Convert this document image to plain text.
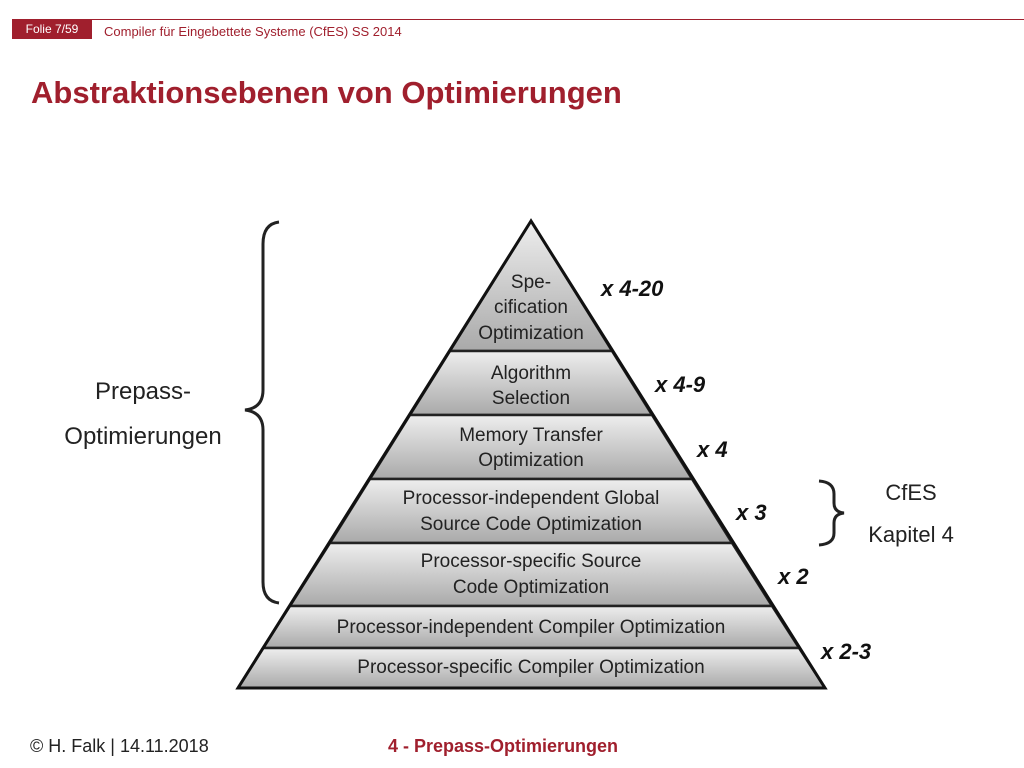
Folie 7/59	Compiler für Eingebettete Systeme (CfES) SS 2014
Abstraktionsebenen von Optimierungen
Spe-
cification
Optimization
Algorithm
Selection
Memory Transfer
Optimization
Processor-independent Global
Source Code Optimization
Processor-specific Source
Code Optimization
Processor-independent Compiler Optimization
Processor-specific Compiler Optimization
x 4-20
x 4-9
x 4
x 3
x 2
x 2-3
Prepass-
Optimierungen
CfES
Kapitel 4
© H. Falk | 14.11.2018	4 - Prepass-Optimierungen
